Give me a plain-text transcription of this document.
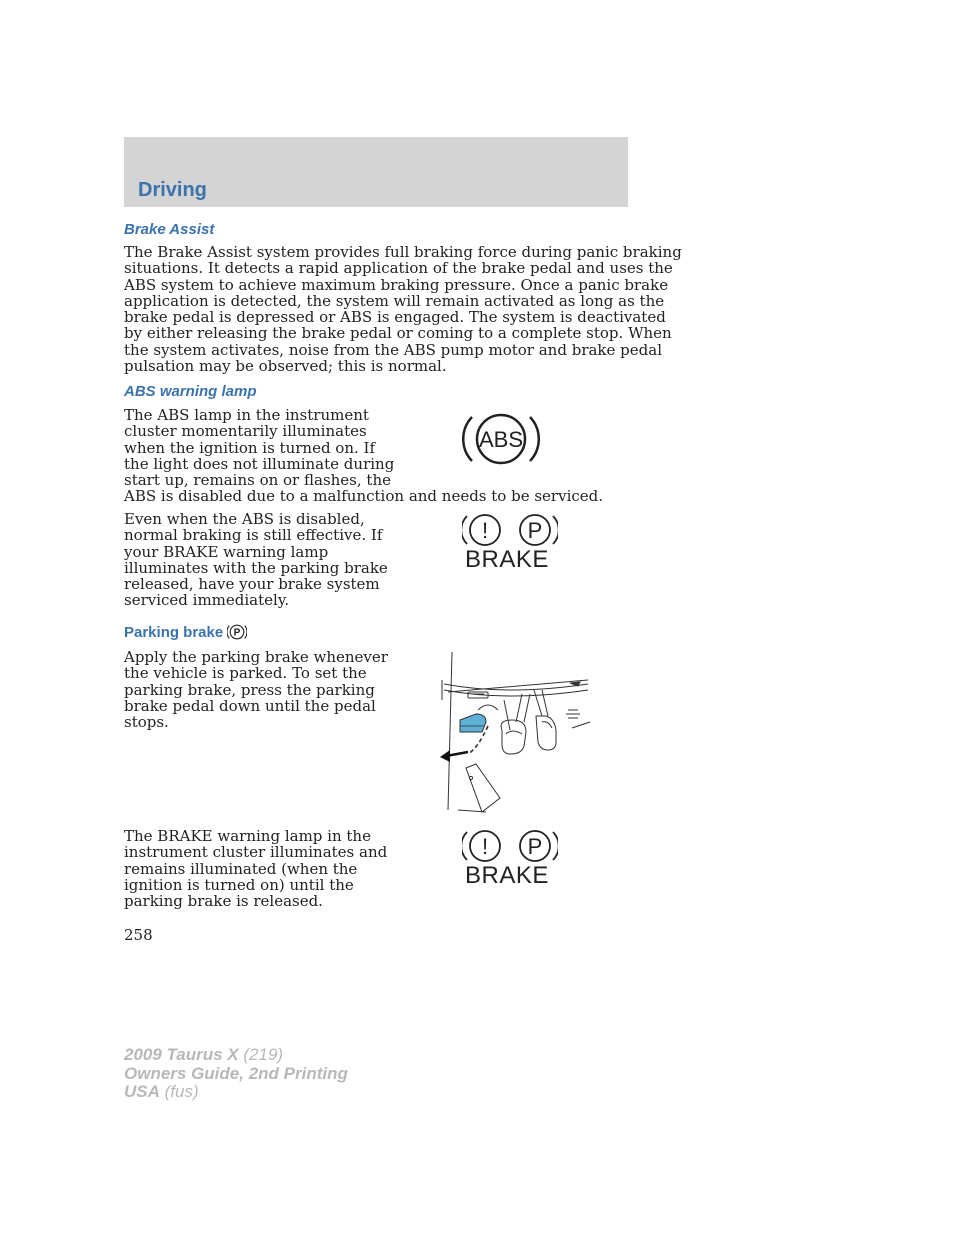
Driving
Brake Assist

The Brake Assist system provides full braking force during panic braking
situations. It detects a rapid application of the brake pedal and uses the
ABS system to achieve maximum braking pressure. Once a panic brake
application is detected, the system will remain activated as long as the
brake pedal is depressed or ABS is engaged. The system is deactivated
by either releasing the brake pedal or coming to a complete stop. When
the system activates, noise from the ABS pump motor and brake pedal
pulsation may be observed; this is normal.

ABS warning lamp

The ABS lamp in the instrument
cluster momentarily illuminates
when the ignition is turned on. If
the light does not illuminate during
start up, remains on or flashes, the
ABS is disabled due to a malfunction and needs to be serviced.

ABS

Even when the ABS is disabled,
normal braking is still effective. If
your BRAKE warning lamp
illuminates with the parking brake
released, have your brake system
serviced immediately.

! P
BRAKE
Parking brake P

Apply the parking brake whenever
the vehicle is parked. To set the
parking brake, press the parking
brake pedal down until the pedal
stops.

The BRAKE warning lamp in the
instrument cluster illuminates and
remains illuminated (when the
ignition is turned on) until the
parking brake is released.

! P
BRAKE

258

2009 Taurus X (219)
Owners Guide, 2nd Printing
USA (fus)
